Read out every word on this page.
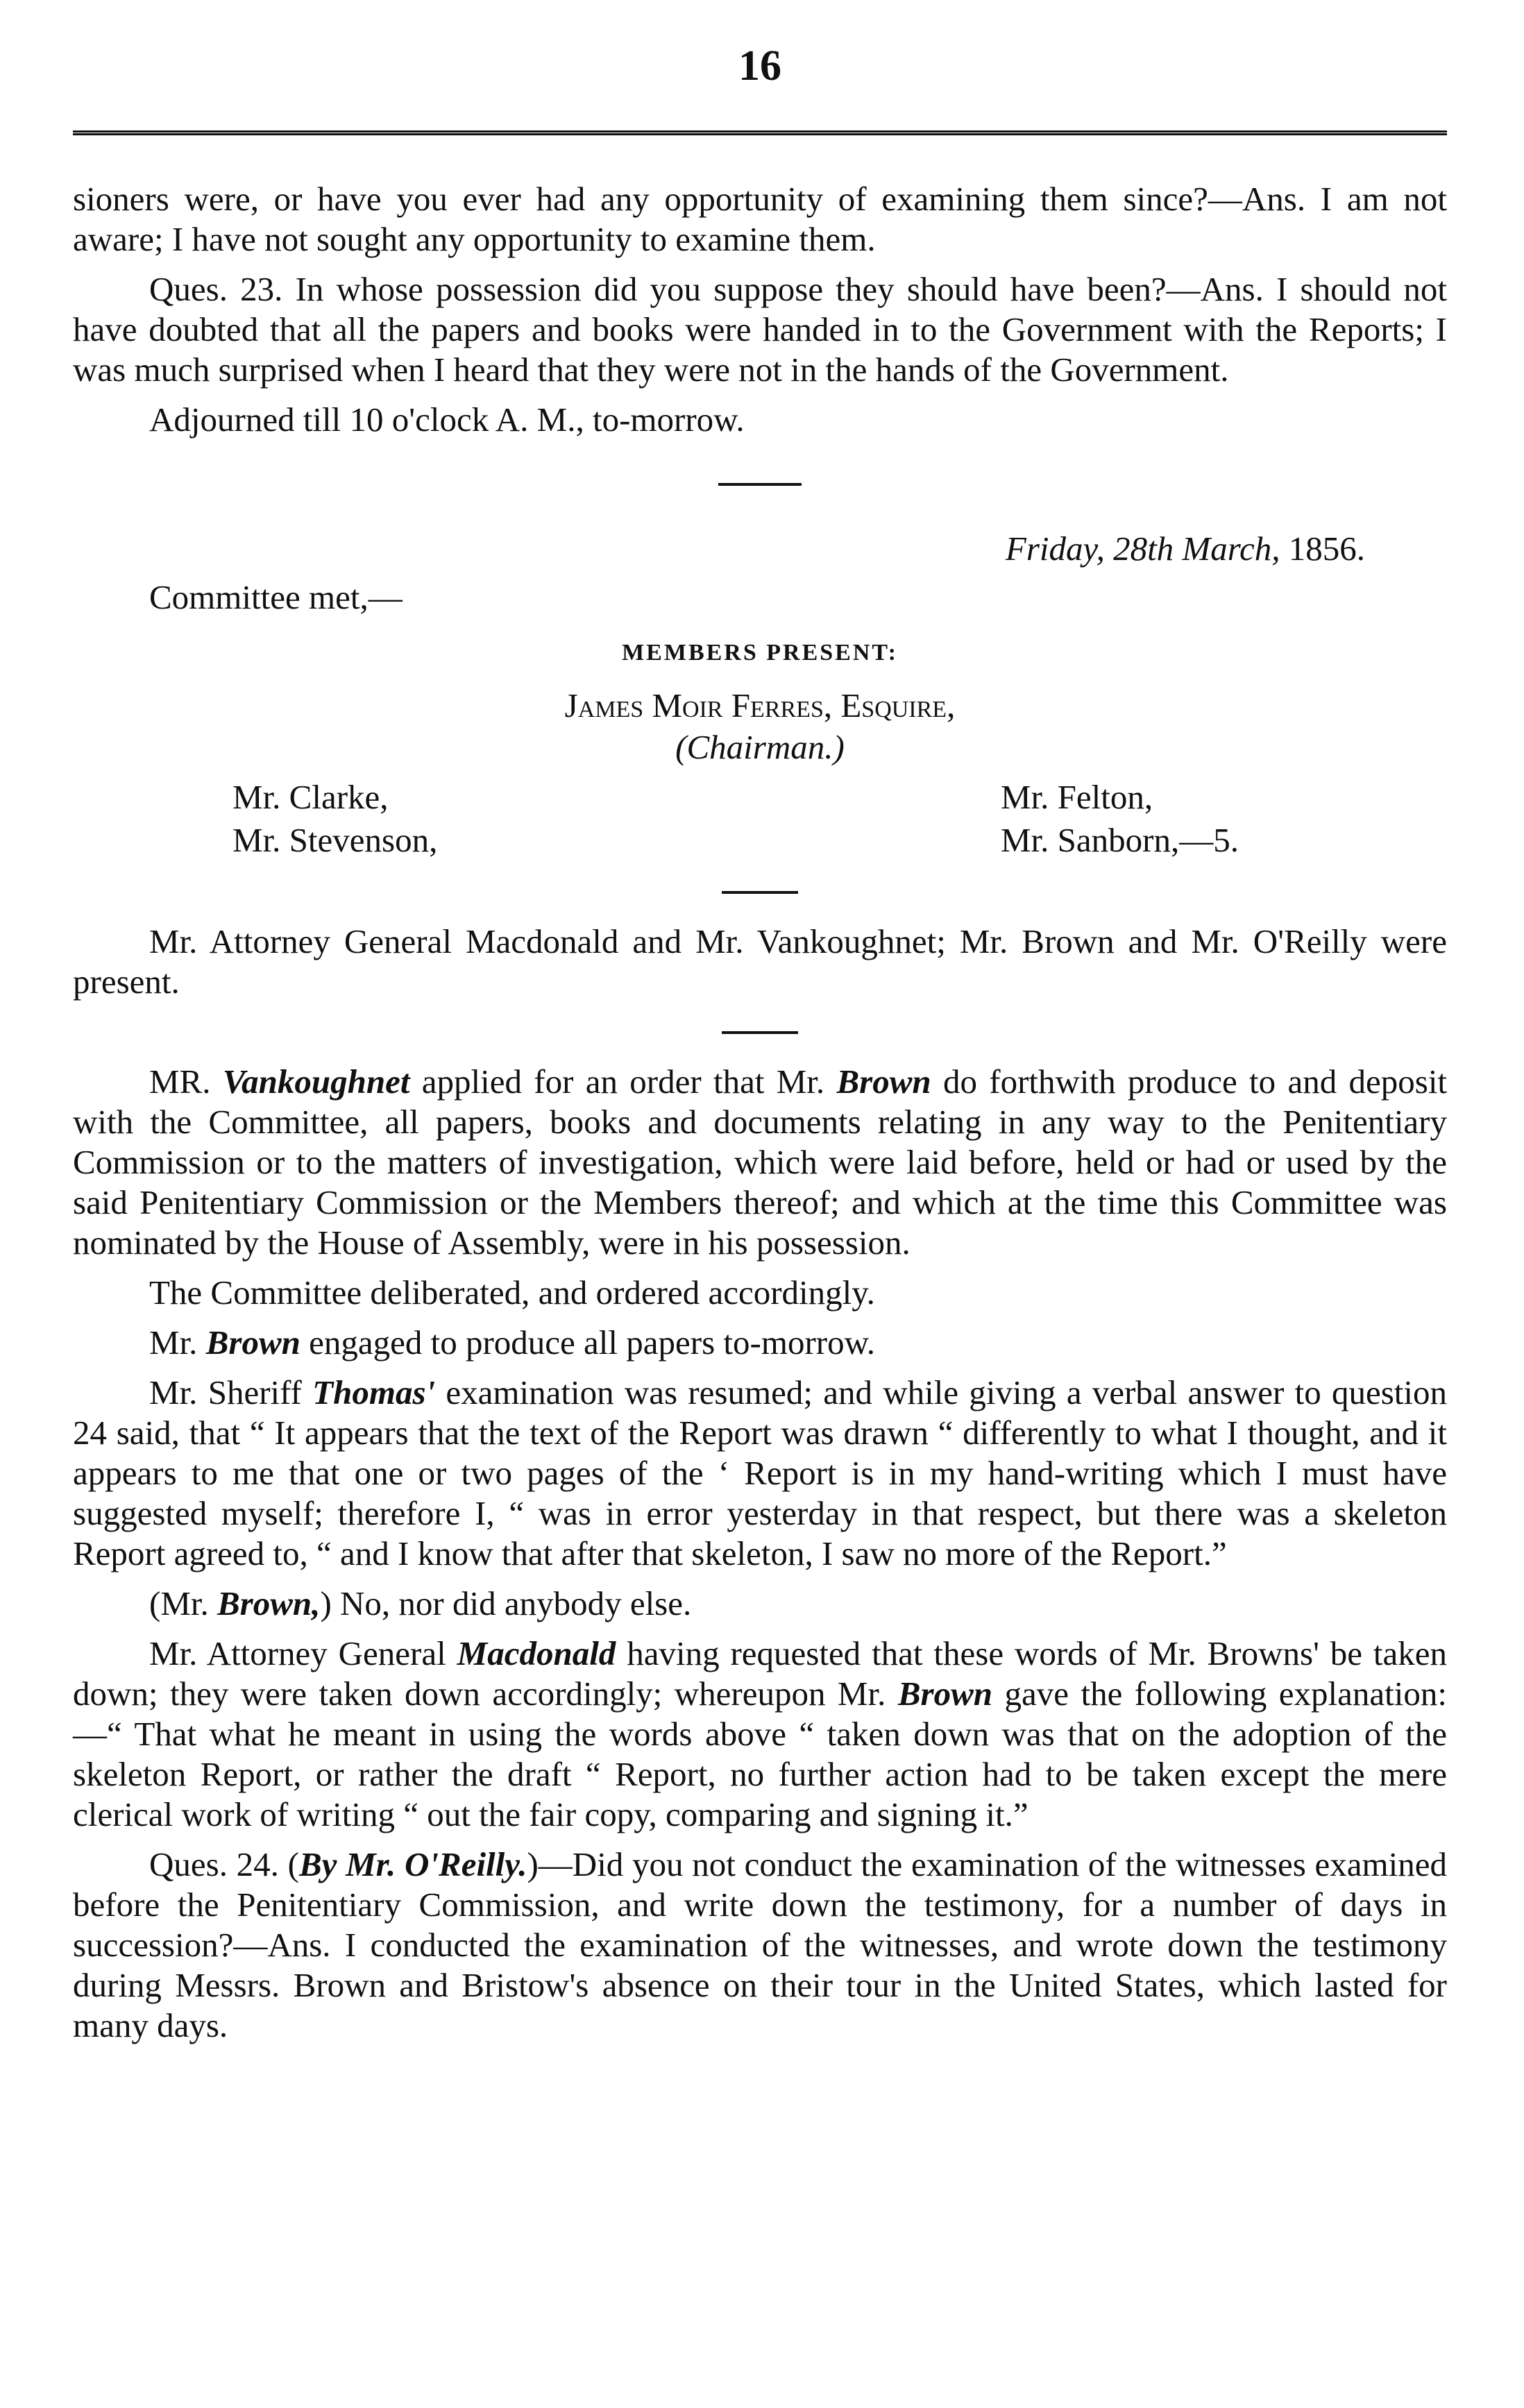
16

sioners were, or have you ever had any opportunity of examining them since?—Ans. I am not aware; I have not sought any opportunity to examine them.

Ques. 23. In whose possession did you suppose they should have been?—Ans. I should not have doubted that all the papers and books were handed in to the Government with the Reports; I was much surprised when I heard that they were not in the hands of the Government.

Adjourned till 10 o'clock A. M., to-morrow.

Friday, 28th March, 1856.
Committee met,—
MEMBERS PRESENT:
James Moir Ferres, Esquire,
(Chairman.)
Mr. Clarke,
Mr. Stevenson,
Mr. Felton,
Mr. Sanborn,—5.

Mr. Attorney General Macdonald and Mr. Vankoughnet; Mr. Brown and Mr. O'Reilly were present.

MR. Vankoughnet applied for an order that Mr. Brown do forthwith produce to and deposit with the Committee, all papers, books and documents relating in any way to the Penitentiary Commission or to the matters of investigation, which were laid before, held or had or used by the said Penitentiary Commission or the Members thereof; and which at the time this Committee was nominated by the House of Assembly, were in his possession.

The Committee deliberated, and ordered accordingly.

Mr. Brown engaged to produce all papers to-morrow.

Mr. Sheriff Thomas' examination was resumed; and while giving a verbal answer to question 24 said, that “ It appears that the text of the Report was drawn “ differently to what I thought, and it appears to me that one or two pages of the ‘ Report is in my hand-writing which I must have suggested myself; therefore I, “ was in error yesterday in that respect, but there was a skeleton Report agreed to, “ and I know that after that skeleton, I saw no more of the Report.”

(Mr. Brown,) No, nor did anybody else.

Mr. Attorney General Macdonald having requested that these words of Mr. Browns' be taken down; they were taken down accordingly; whereupon Mr. Brown gave the following explanation:—“ That what he meant in using the words above “ taken down was that on the adoption of the skeleton Report, or rather the draft “ Report, no further action had to be taken except the mere clerical work of writing “ out the fair copy, comparing and signing it.”

Ques. 24. (By Mr. O'Reilly.)—Did you not conduct the examination of the witnesses examined before the Penitentiary Commission, and write down the testimony, for a number of days in succession?—Ans. I conducted the examination of the witnesses, and wrote down the testimony during Messrs. Brown and Bristow's absence on their tour in the United States, which lasted for many days.
